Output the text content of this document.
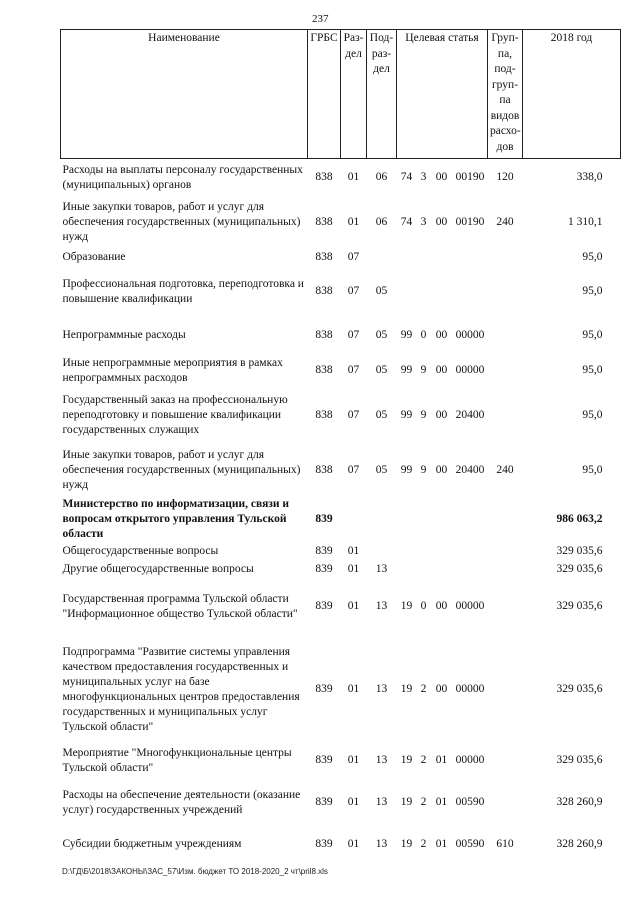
237
Наименование	ГРБС	Раз-дел	Под-раз-дел	Целевая статья				Груп-па, под-груп-па видов расхо-дов	2018 год
Расходы на выплаты персоналу государственных (муниципальных) органов	838	01	06	74	3	00	00190	120	338,0
Иные закупки товаров, работ и услуг для обеспечения государственных (муниципальных) нужд	838	01	06	74	3	00	00190	240	1 310,1
Образование	838	07							95,0
Профессиональная подготовка, переподготовка и повышение квалификации	838	07	05						95,0
Непрограммные расходы	838	07	05	99	0	00	00000		95,0
Иные непрограммные мероприятия в рамках непрограммных расходов	838	07	05	99	9	00	00000		95,0
Государственный заказ на профессиональную переподготовку и повышение квалификации государственных служащих	838	07	05	99	9	00	20400		95,0
Иные закупки товаров, работ и услуг для обеспечения государственных (муниципальных) нужд	838	07	05	99	9	00	20400	240	95,0
Министерство по информатизации, связи и вопросам открытого управления Тульской области	839								986 063,2
Общегосударственные вопросы	839	01							329 035,6
Другие общегосударственные вопросы	839	01	13						329 035,6
Государственная программа Тульской области "Информационное общество Тульской области"	839	01	13	19	0	00	00000		329 035,6
Подпрограмма "Развитие системы управления качеством предоставления государственных и муниципальных услуг на базе многофункциональных центров предоставления государственных и муниципальных услуг Тульской области"	839	01	13	19	2	00	00000		329 035,6
Мероприятие "Многофункциональные центры Тульской области"	839	01	13	19	2	01	00000		329 035,6
Расходы на обеспечение деятельности (оказание услуг) государственных учреждений	839	01	13	19	2	01	00590		328 260,9
Субсидии бюджетным учреждениям	839	01	13	19	2	01	00590	610	328 260,9
D:\ГД\Б\2018\ЗАКОНЫ\ЗАС_57\Изм. бюджет ТО 2018-2020_2 чт\pril8.xls
